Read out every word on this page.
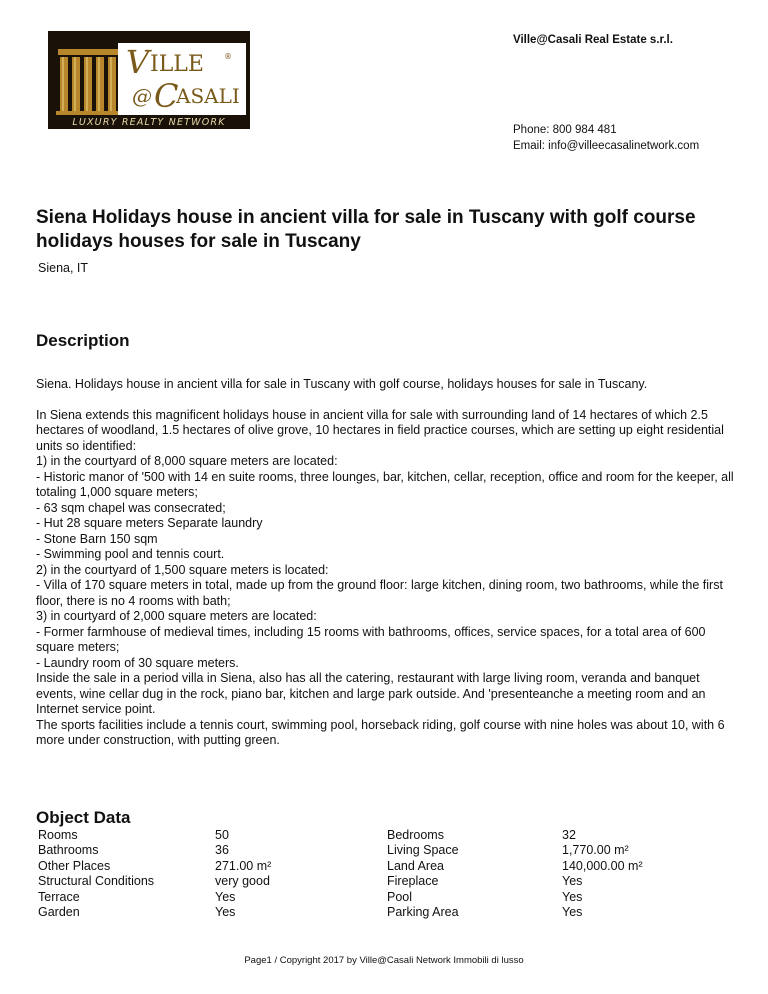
V ILLE	®
@ C
ASALI
LUXURY REALTY NETWORK
Ville@Casali Real Estate s.r.l.
Phone: 800 984 481
Email: info@villeecasalinetwork.com
Siena Holidays house in ancient villa for sale in Tuscany with golf course holidays houses for sale in Tuscany
Siena, IT
Description

Siena. Holidays house in ancient villa for sale in Tuscany with golf course, holidays houses for sale in Tuscany.

In Siena extends this magnificent holidays house in ancient villa for sale with surrounding land of 14 hectares of which 2.5 hectares of woodland, 1.5 hectares of olive grove, 10 hectares in field practice courses, which are setting up eight residential units so identified:

1) in the courtyard of 8,000 square meters are located:

- Historic manor of '500 with 14 en suite rooms, three lounges, bar, kitchen, cellar, reception, office and room for the keeper, all totaling 1,000 square meters;

- 63 sqm chapel was consecrated;

- Hut 28 square meters Separate laundry

- Stone Barn 150 sqm

- Swimming pool and tennis court.

2) in the courtyard of 1,500 square meters is located:

- Villa of 170 square meters in total, made up from the ground floor: large kitchen, dining room, two bathrooms, while the first floor, there is no 4 rooms with bath;

3) in courtyard of 2,000 square meters are located:

- Former farmhouse of medieval times, including 15 rooms with bathrooms, offices, service spaces, for a total area of 600 square meters;

- Laundry room of 30 square meters.

Inside the sale in a period villa in Siena, also has all the catering, restaurant with large living room, veranda and banquet events, wine cellar dug in the rock, piano bar, kitchen and large park outside. And 'presenteanche a meeting room and an Internet service point.

The sports facilities include a tennis court, swimming pool, horseback riding, golf course with nine holes was about 10, with 6 more under construction, with putting green.

Object Data
Rooms	50	Bedrooms	32
Bathrooms	36	Living Space	1,770.00 m²
Other Places	271.00 m²	Land Area	140,000.00 m²
Structural Conditions	very good	Fireplace	Yes
Terrace	Yes	Pool	Yes
Garden	Yes	Parking Area	Yes
Page1 / Copyright 2017 by Ville@Casali Network Immobili di lusso
